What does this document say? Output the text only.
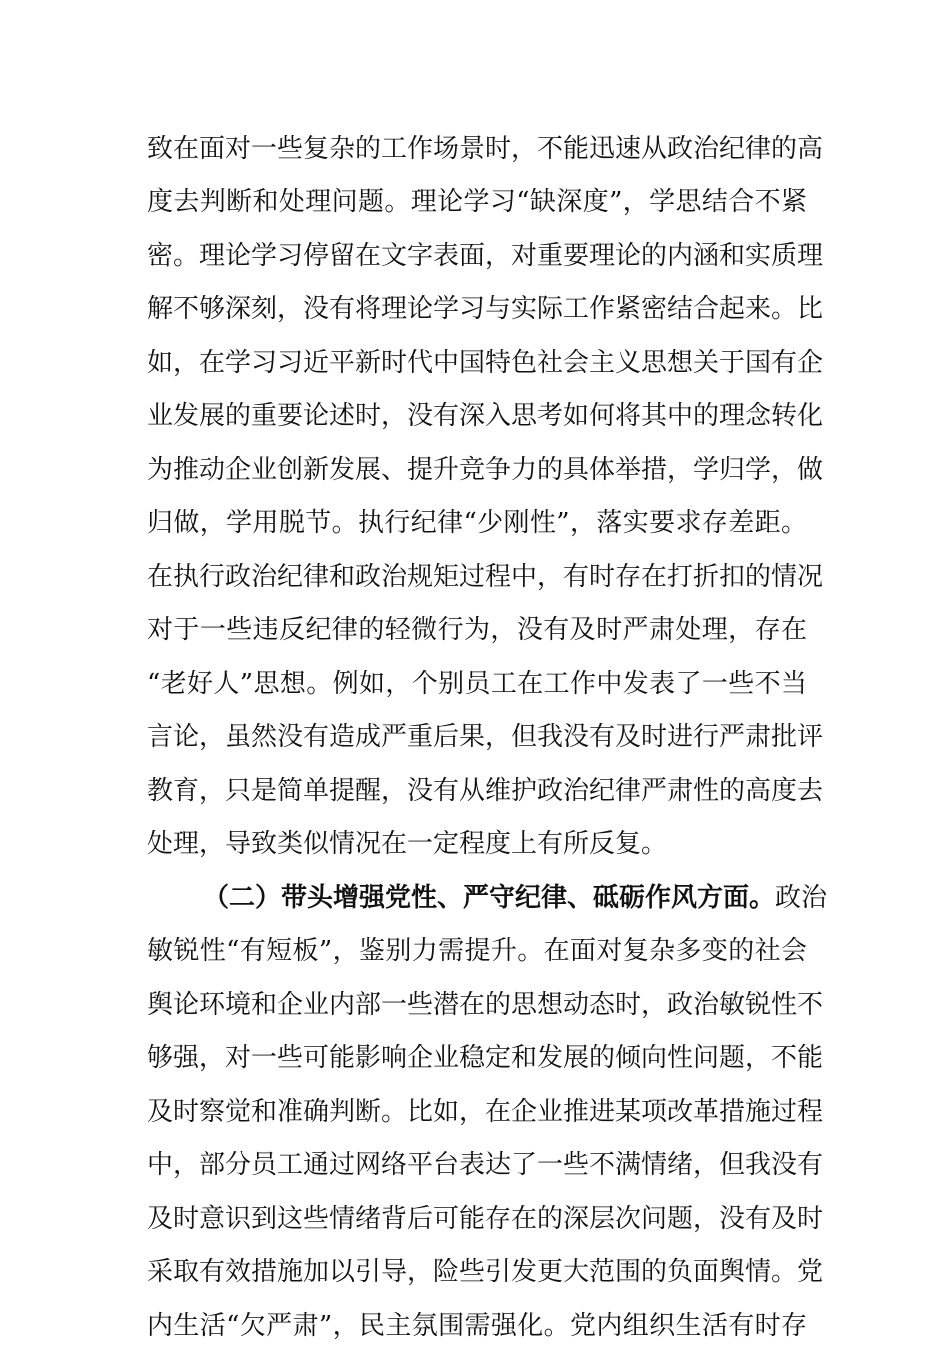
致在面对一些复杂的工作场景时，不能迅速从政治纪律的高
度去判断和处理问题。理论学习“缺深度”，学思结合不紧
密。理论学习停留在文字表面，对重要理论的内涵和实质理
解不够深刻，没有将理论学习与实际工作紧密结合起来。比
如，在学习习近平新时代中国特色社会主义思想关于国有企
业发展的重要论述时，没有深入思考如何将其中的理念转化
为推动企业创新发展、提升竞争力的具体举措，学归学，做
归做，学用脱节。执行纪律“少刚性”，落实要求存差距。
在执行政治纪律和政治规矩过程中，有时存在打折扣的情况
对于一些违反纪律的轻微行为，没有及时严肃处理，存在
“老好人”思想。例如，个别员工在工作中发表了一些不当
言论，虽然没有造成严重后果，但我没有及时进行严肃批评
教育，只是简单提醒，没有从维护政治纪律严肃性的高度去
处理，导致类似情况在一定程度上有所反复。
（二）带头增强党性、严守纪律、砥砺作风方面。政治
敏锐性“有短板”，鉴别力需提升。在面对复杂多变的社会
舆论环境和企业内部一些潜在的思想动态时，政治敏锐性不
够强，对一些可能影响企业稳定和发展的倾向性问题，不能
及时察觉和准确判断。比如，在企业推进某项改革措施过程
中，部分员工通过网络平台表达了一些不满情绪，但我没有
及时意识到这些情绪背后可能存在的深层次问题，没有及时
采取有效措施加以引导，险些引发更大范围的负面舆情。党
内生活“欠严肃”，民主氛围需强化。党内组织生活有时存
